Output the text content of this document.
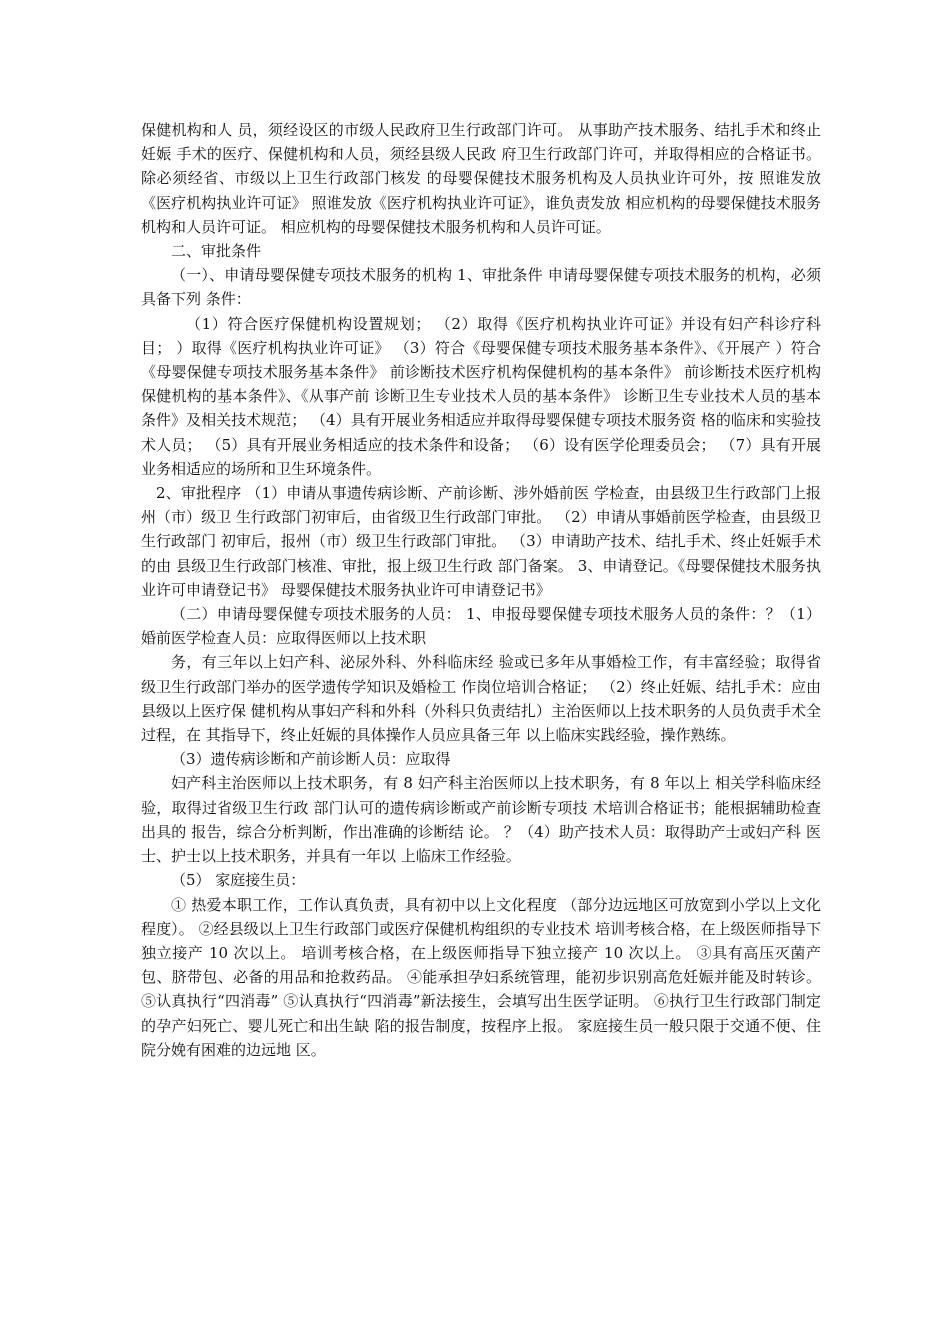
保健机构和人 员，须经设区的市级人民政府卫生行政部门许可。 从事助产技术服务、结扎手术和终止妊娠 手术的医疗、保健机构和人员，须经县级人民政 府卫生行政部门许可，并取得相应的合格证书。 除必须经省、市级以上卫生行政部门核发 的母婴保健技术服务机构及人员执业许可外，按 照谁发放《医疗机构执业许可证》 照谁发放《医疗机构执业许可证》，谁负责发放 相应机构的母婴保健技术服务机构和人员许可证。 相应机构的母婴保健技术服务机构和人员许可证。

二、审批条件

（一）、申请母婴保健专项技术服务的机构 1、审批条件 申请母婴保健专项技术服务的机构，必须具备下列 条件：

（1）符合医疗保健机构设置规划； （2）取得《医疗机构执业许可证》并设有妇产科诊疗科目； ）取得《医疗机构执业许可证》 （3）符合《母婴保健专项技术服务基本条件》、《开展产 ）符合《母婴保健专项技术服务基本条件》 前诊断技术医疗机构保健机构的基本条件》 前诊断技术医疗机构保健机构的基本条件》、《从事产前 诊断卫生专业技术人员的基本条件》 诊断卫生专业技术人员的基本条件》及相关技术规范； （4）具有开展业务相适应并取得母婴保健专项技术服务资 格的临床和实验技术人员； （5）具有开展业务相适应的技术条件和设备； （6）设有医学伦理委员会； （7）具有开展业务相适应的场所和卫生环境条件。

2、审批程序 （1）申请从事遗传病诊断、产前诊断、涉外婚前医 学检查，由县级卫生行政部门上报州（市）级卫 生行政部门初审后，由省级卫生行政部门审批。 （2）申请从事婚前医学检查，由县级卫生行政部门 初审后，报州（市）级卫生行政部门审批。 （3）申请助产技术、结扎手术、终止妊娠手术的由 县级卫生行政部门核准、审批，报上级卫生行政 部门备案。 3、申请登记。《母婴保健技术服务执业许可申请登记书》 母婴保健技术服务执业许可申请登记书》

（二）申请母婴保健专项技术服务的人员： 1、申报母婴保健专项技术服务人员的条件：？（1）婚前医学检查人员：应取得医师以上技术职

务，有三年以上妇产科、泌尿外科、外科临床经 验或已多年从事婚检工作，有丰富经验；取得省 级卫生行政部门举办的医学遗传学知识及婚检工 作岗位培训合格证； （2）终止妊娠、结扎手术：应由县级以上医疗保 健机构从事妇产科和外科（外科只负责结扎）主治医师以上技术职务的人员负责手术全过程，在 其指导下，终止妊娠的具体操作人员应具备三年 以上临床实践经验，操作熟练。

（3）遗传病诊断和产前诊断人员：应取得

妇产科主治医师以上技术职务，有 8 妇产科主治医师以上技术职务，有 8 年以上 相关学科临床经验，取得过省级卫生行政 部门认可的遗传病诊断或产前诊断专项技 术培训合格证书；能根据辅助检查出具的 报告，综合分析判断，作出准确的诊断结 论。 ？（4）助产技术人员：取得助产士或妇产科 医士、护士以上技术职务，并具有一年以 上临床工作经验。

（5） 家庭接生员：

① 热爱本职工作，工作认真负责，具有初中以上文化程度 （部分边远地区可放宽到小学以上文化程度）。 ②经县级以上卫生行政部门或医疗保健机构组织的专业技术 培训考核合格，在上级医师指导下独立接产 10 次以上。 培训考核合格，在上级医师指导下独立接产 10 次以上。 ③具有高压灭菌产包、脐带包、必备的用品和抢救药品。 ④能承担孕妇系统管理，能初步识别高危妊娠并能及时转诊。 ⑤认真执行“四消毒” ⑤认真执行“四消毒”新法接生，会填写出生医学证明。 ⑥执行卫生行政部门制定的孕产妇死亡、婴儿死亡和出生缺 陷的报告制度，按程序上报。 家庭接生员一般只限于交通不便、住院分娩有困难的边远地 区。
